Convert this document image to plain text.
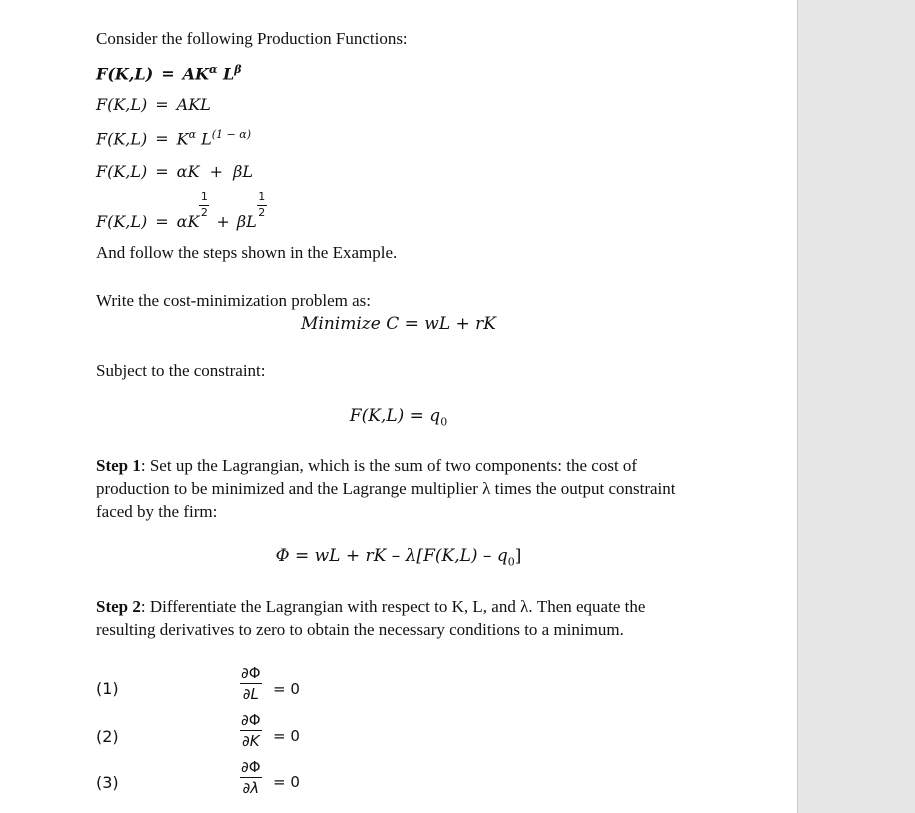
Consider the following Production Functions:
$F(K,L) = AK^\alpha$ $L^\beta$
F(K,L) = AKL
$F(K,L) = K^\alpha$ $L^{(1 - \alpha)}$
F(K,L) = αK  +  βL
F(K,L) = αK
$\frac{1}{2}$
+ βL
$\frac{1}{2}$
And follow the steps shown in the Example.
Write the cost-minimization problem as:
Minimize C = wL + rK
Subject to the constraint:
$F(K,L) = q_0$
Step 1: Set up the Lagrangian, which is the sum of two components: the cost of production to be minimized and the Lagrange multiplier λ times the output constraint faced by the firm:
Φ = wL + rK – $\lambda[F(K,L) - q_0]$
Step 2: Differentiate the Lagrangian with respect to K, L, and λ. Then equate the resulting derivatives to zero to obtain the necessary conditions to a minimum.
(1)
∂Φ
∂L = 0
(2)
∂Φ
∂K = 0
(3)
∂Φ
∂λ = 0
